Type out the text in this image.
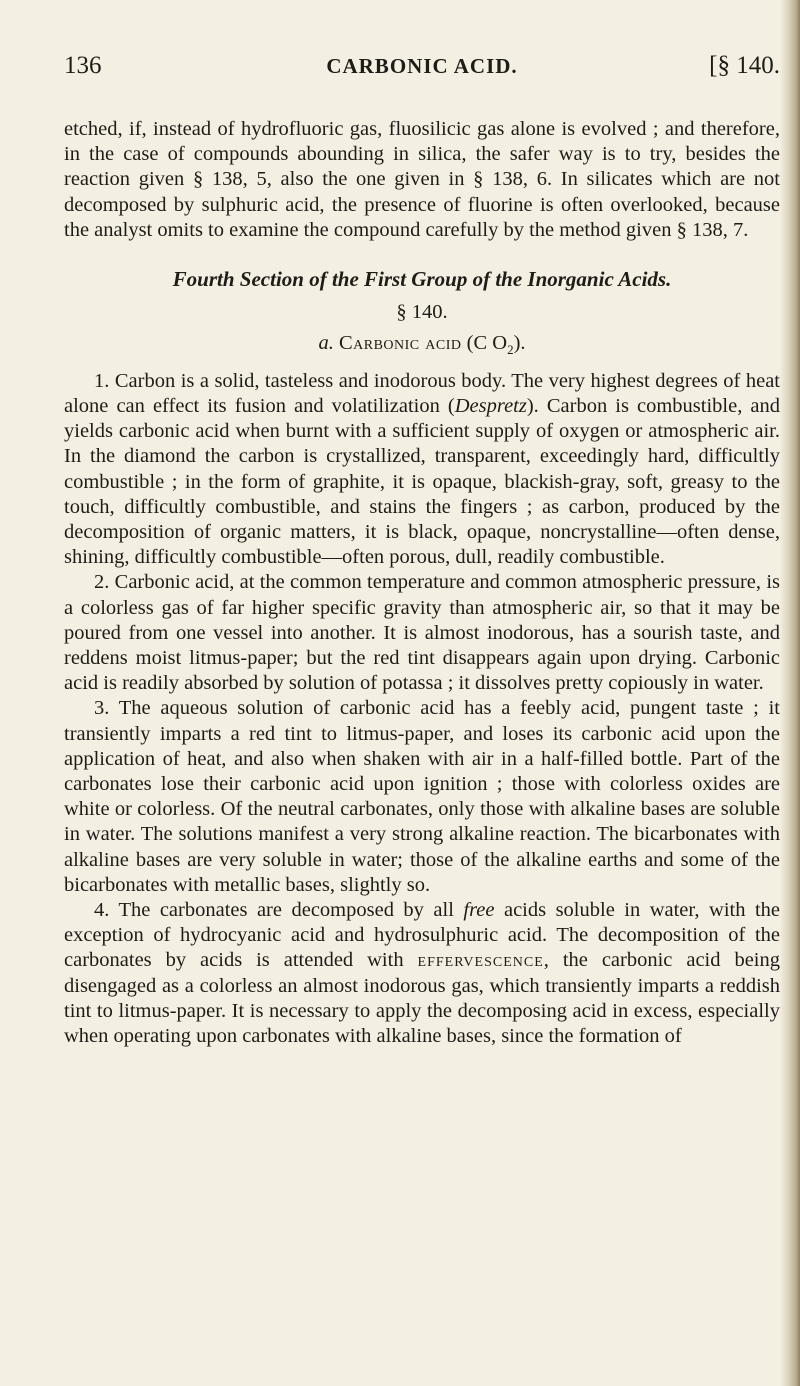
136	CARBONIC ACID.	[§ 140.

etched, if, instead of hydrofluoric gas, fluosilicic gas alone is evolved ; and therefore, in the case of compounds abounding in silica, the safer way is to try, besides the reaction given § 138, 5, also the one given in § 138, 6. In silicates which are not decomposed by sulphuric acid, the presence of fluorine is often overlooked, because the analyst omits to examine the compound carefully by the method given § 138, 7.

Fourth Section of the First Group of the Inorganic Acids.

§ 140.

a. Carbonic acid (C $O_2$).

1. Carbon is a solid, tasteless and inodorous body. The very highest degrees of heat alone can effect its fusion and volatilization (Despretz). Carbon is combustible, and yields carbonic acid when burnt with a sufficient supply of oxygen or atmospheric air. In the diamond the carbon is crystallized, transparent, exceedingly hard, difficultly combustible ; in the form of graphite, it is opaque, blackish-gray, soft, greasy to the touch, difficultly combustible, and stains the fingers ; as carbon, produced by the decomposition of organic matters, it is black, opaque, noncrystalline—often dense, shining, difficultly combustible—often porous, dull, readily combustible.

2. Carbonic acid, at the common temperature and common atmospheric pressure, is a colorless gas of far higher specific gravity than atmospheric air, so that it may be poured from one vessel into another. It is almost inodorous, has a sourish taste, and reddens moist litmus-paper; but the red tint disappears again upon drying. Carbonic acid is readily absorbed by solution of potassa ; it dissolves pretty copiously in water.

3. The aqueous solution of carbonic acid has a feebly acid, pungent taste ; it transiently imparts a red tint to litmus-paper, and loses its carbonic acid upon the application of heat, and also when shaken with air in a half-filled bottle. Part of the carbonates lose their carbonic acid upon ignition ; those with colorless oxides are white or colorless. Of the neutral carbonates, only those with alkaline bases are soluble in water. The solutions manifest a very strong alkaline reaction. The bicarbonates with alkaline bases are very soluble in water; those of the alkaline earths and some of the bicarbonates with metallic bases, slightly so.

4. The carbonates are decomposed by all free acids soluble in water, with the exception of hydrocyanic acid and hydrosulphuric acid. The decomposition of the carbonates by acids is attended with effervescence, the carbonic acid being disengaged as a colorless an almost inodorous gas, which transiently imparts a reddish tint to litmus-paper. It is necessary to apply the decomposing acid in excess, especially when operating upon carbonates with alkaline bases, since the formation of
